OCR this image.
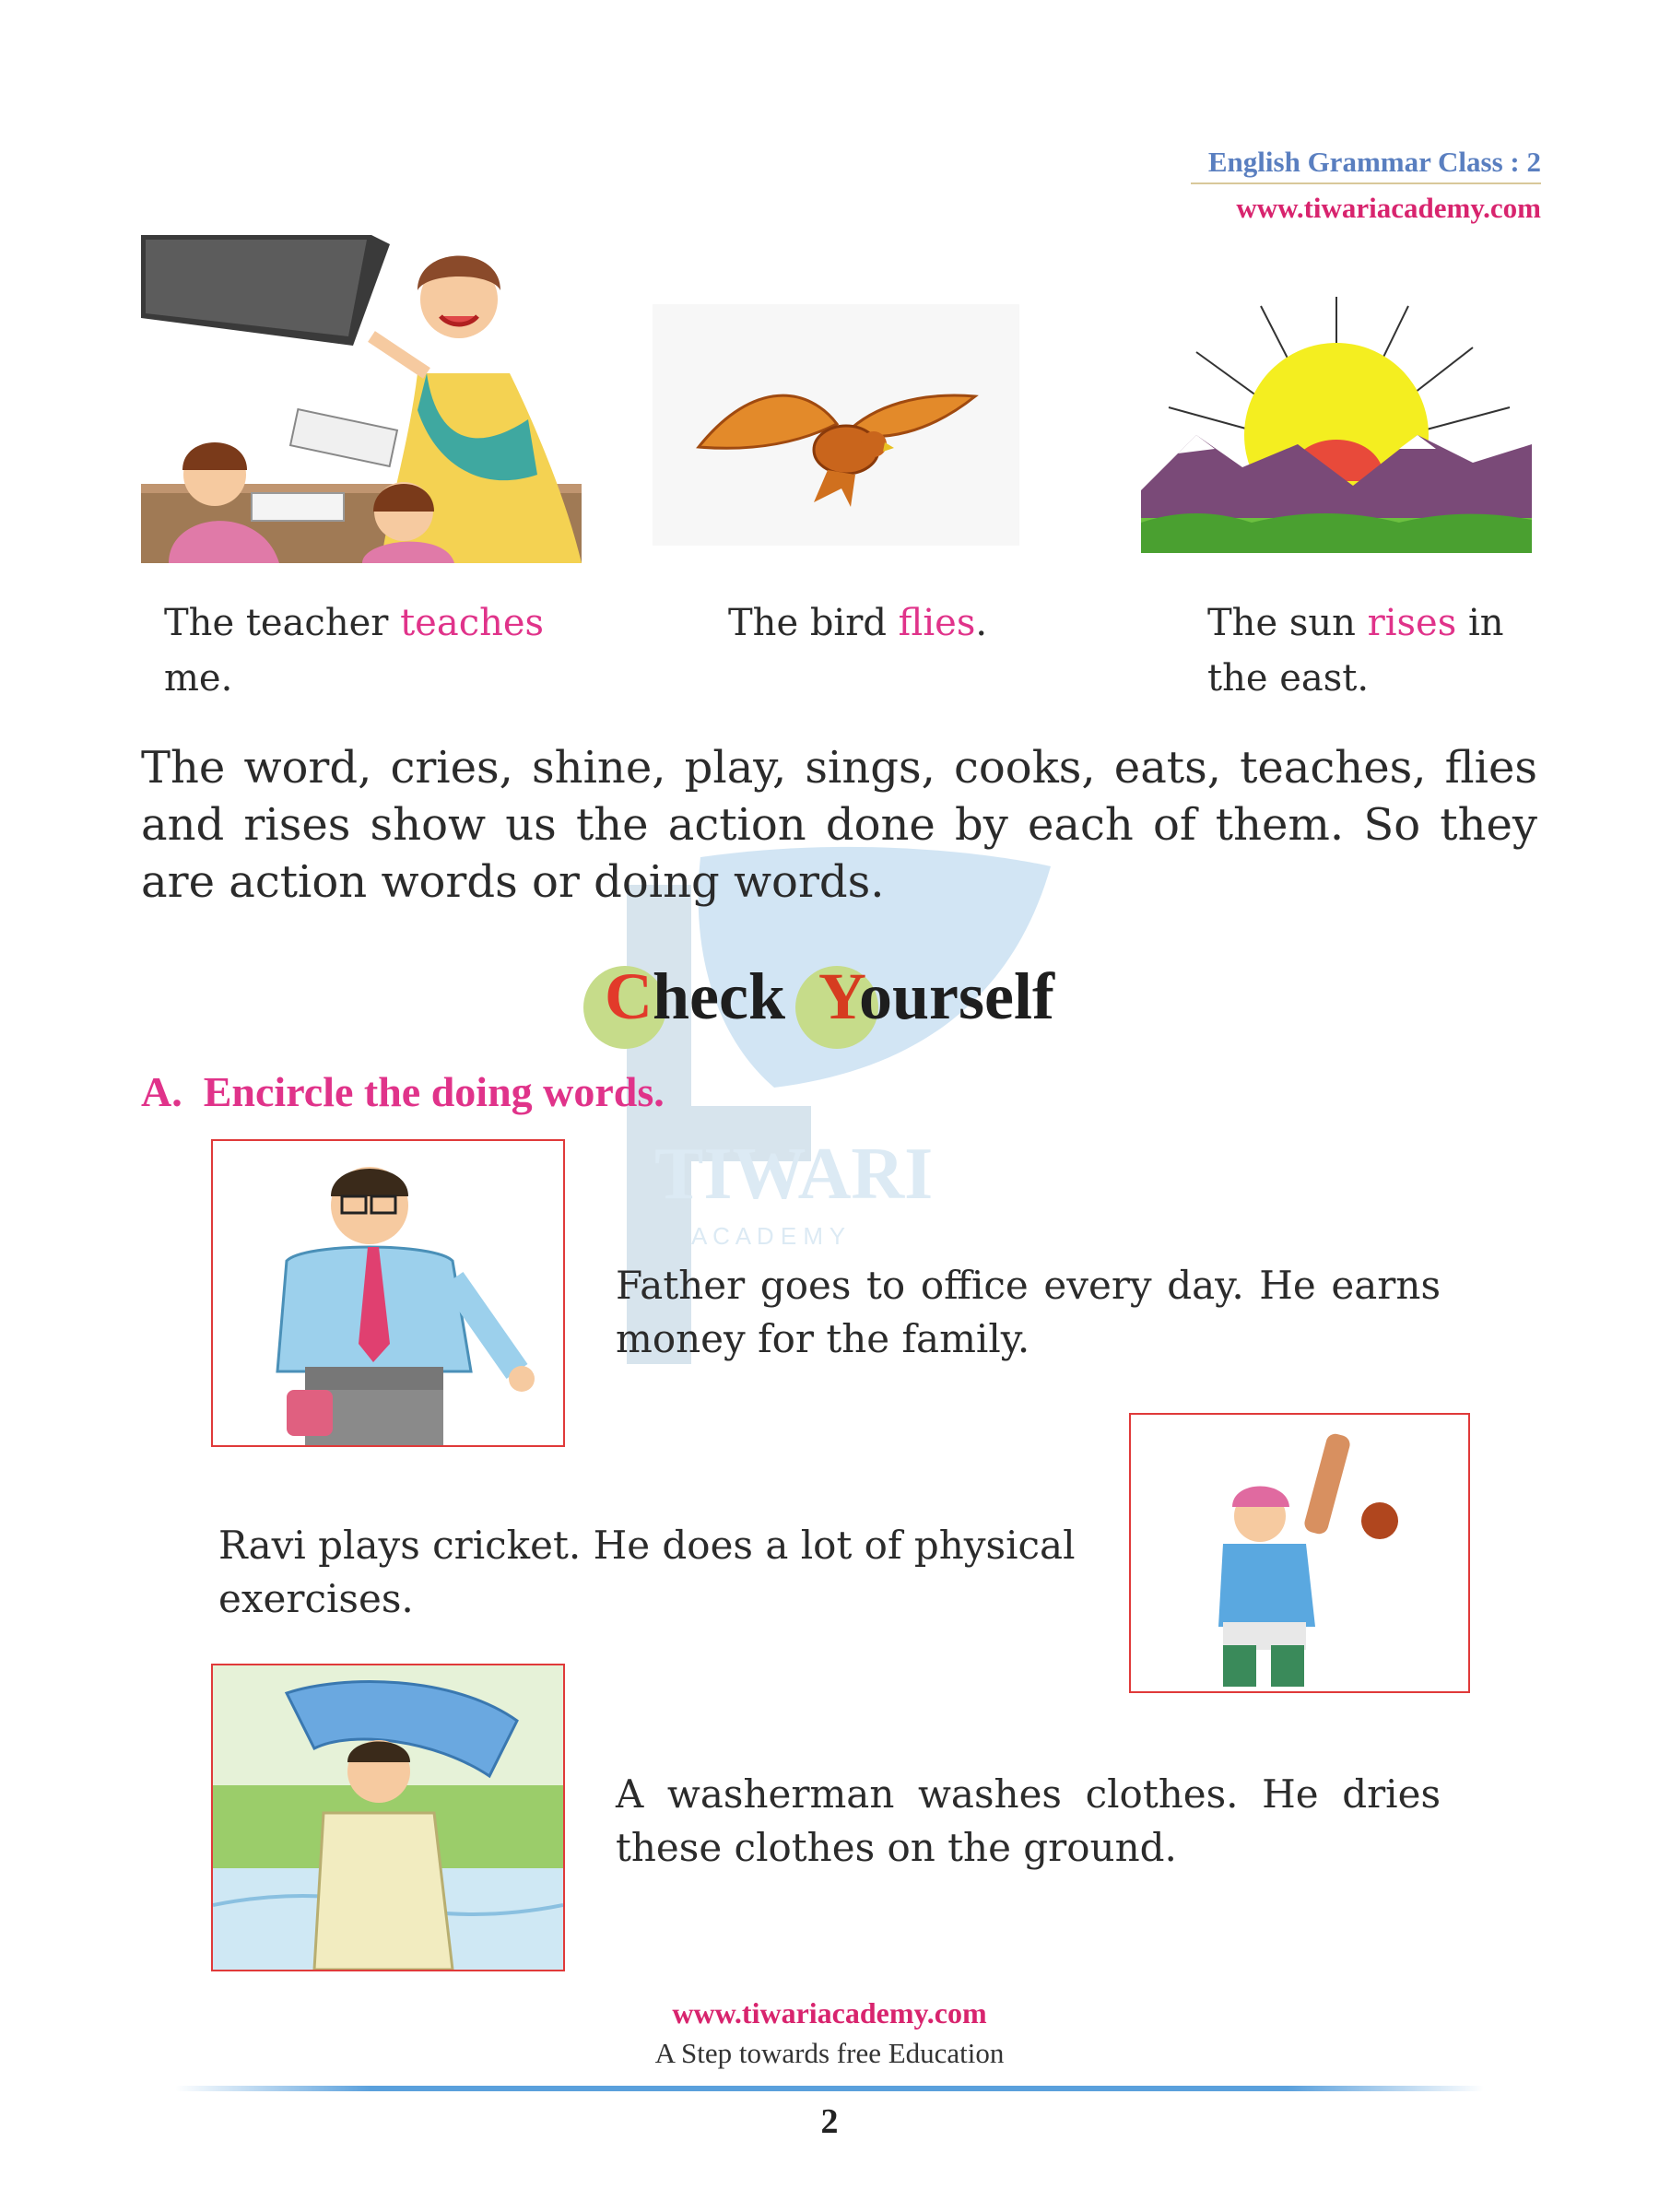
English Grammar Class : 2
www.tiwariacademy.com
TIWARI
A C A D E M Y
The teacher teaches me.
The bird flies.	The sun rises in the east.
The word, cries, shine, play, sings, cooks, eats, teaches, flies and rises show us the action done by each of them. So they are action words or doing words.
Check Yourself
A. Encircle the doing words.
Father goes to office every day. He earns money for the family.
Ravi plays cricket. He does a lot of physical exercises.
A washerman washes clothes. He dries these clothes on the ground.
www.tiwariacademy.com
A Step towards free Education
2
